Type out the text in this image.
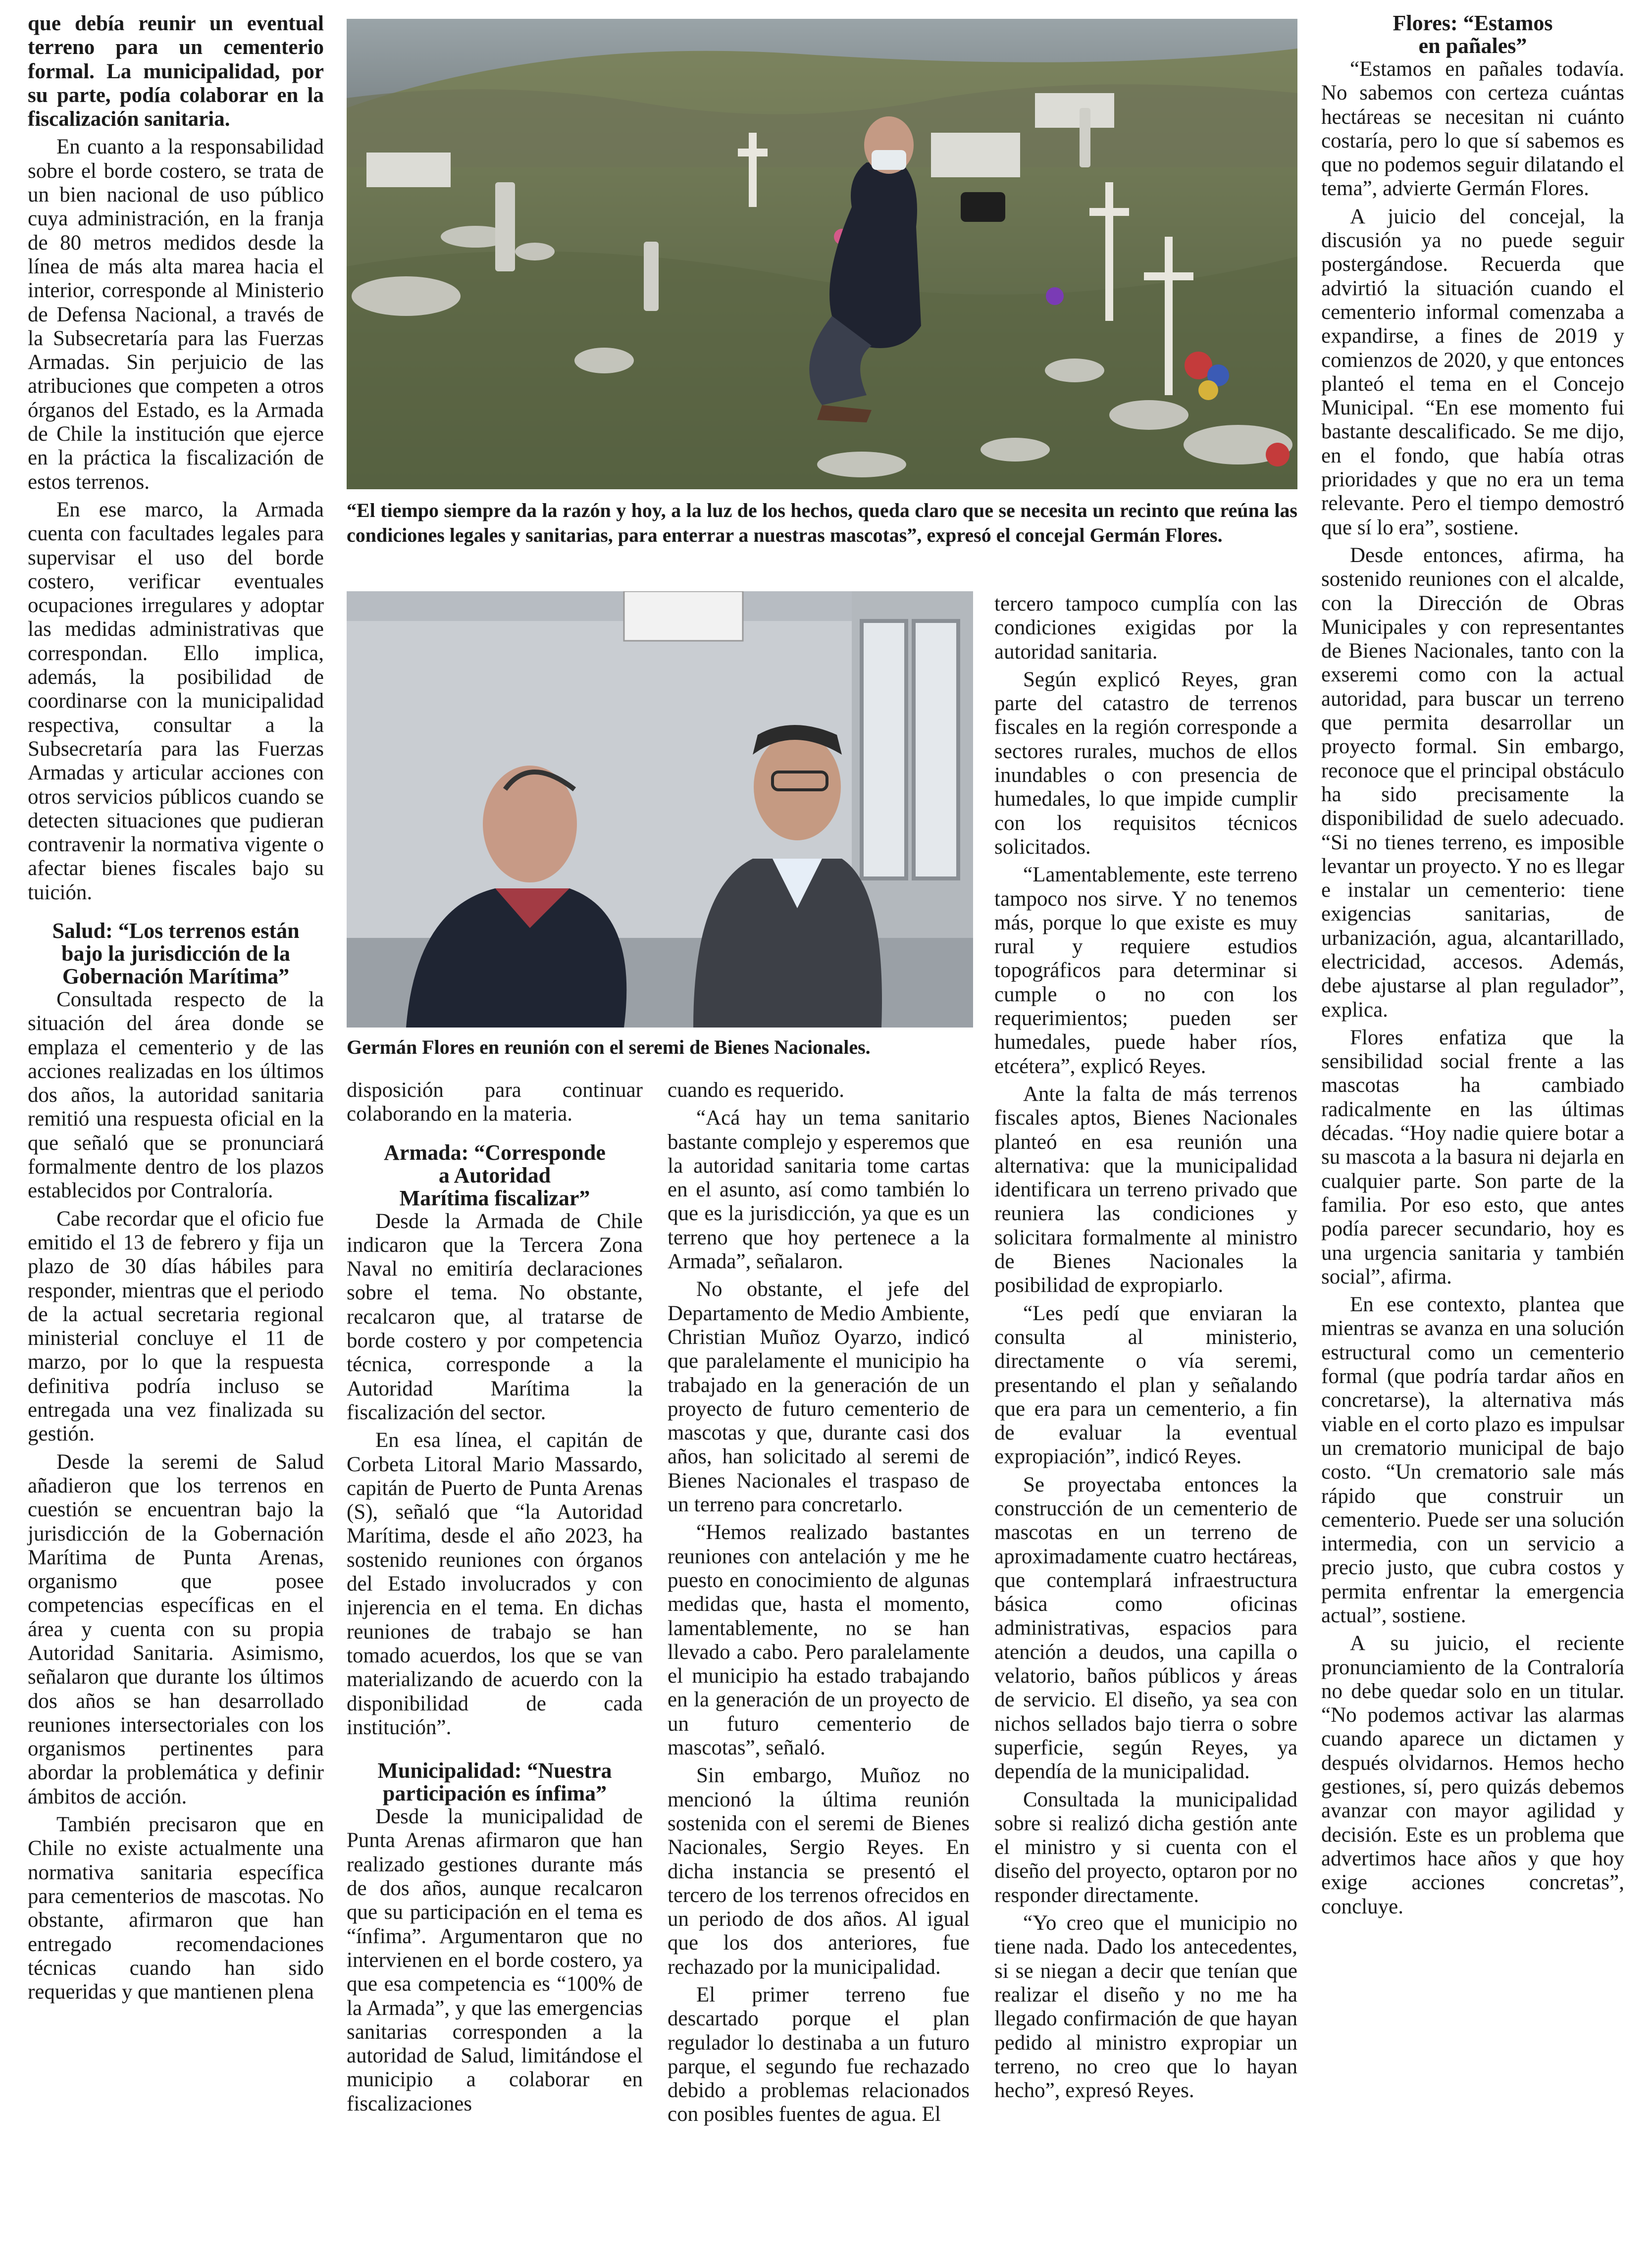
que debía reunir un eventual terreno para un cementerio formal. La municipalidad, por su parte, podía colaborar en la fiscalización sanitaria.

En cuanto a la responsabilidad sobre el borde costero, se trata de un bien nacional de uso público cuya administración, en la franja de 80 metros medidos desde la línea de más alta marea hacia el interior, corresponde al Ministerio de Defensa Nacional, a través de la Subsecretaría para las Fuerzas Armadas. Sin perjuicio de las atribuciones que competen a otros órganos del Estado, es la Armada de Chile la institución que ejerce en la práctica la fiscalización de estos terrenos.

En ese marco, la Armada cuenta con facultades legales para supervisar el uso del borde costero, verificar eventuales ocupaciones irregulares y adoptar las medidas administrativas que correspondan. Ello implica, además, la posibilidad de coordinarse con la municipalidad respectiva, consultar a la Subsecretaría para las Fuerzas Armadas y articular acciones con otros servicios públicos cuando se detecten situaciones que pudieran contravenir la normativa vigente o afectar bienes fiscales bajo su tuición.

Salud: “Los terrenos están
bajo la jurisdicción de la
Gobernación Marítima”

Consultada respecto de la situación del área donde se emplaza el cementerio y de las acciones realizadas en los últimos dos años, la autoridad sanitaria remitió una respuesta oficial en la que señaló que se pronunciará formalmente dentro de los plazos establecidos por Contraloría.

Cabe recordar que el oficio fue emitido el 13 de febrero y fija un plazo de 30 días hábiles para responder, mientras que el periodo de la actual secretaria regional ministerial concluye el 11 de marzo, por lo que la respuesta definitiva podría incluso se entregada una vez finalizada su gestión.

Desde la seremi de Salud añadieron que los terrenos en cuestión se encuentran bajo la jurisdicción de la Gobernación Marítima de Punta Arenas, organismo que posee competencias específicas en el área y cuenta con su propia Autoridad Sanitaria. Asimismo, señalaron que durante los últimos dos años se han desarrollado reuniones intersectoriales con los organismos pertinentes para abordar la problemática y definir ámbitos de acción.

También precisaron que en Chile no existe actualmente una normativa sanitaria específica para cementerios de mascotas. No obstante, afirmaron que han entregado recomendaciones técnicas cuando han sido requeridas y que mantienen plena

“El tiempo siempre da la razón y hoy, a la luz de los hechos, queda claro que se necesita un recinto que reúna las condiciones legales y sanitarias, para enterrar a nuestras mascotas”, expresó el concejal Germán Flores.
Germán Flores en reunión con el seremi de Bienes Nacionales.

disposición para continuar colaborando en la materia.

Armada: “Corresponde
a Autoridad
Marítima fiscalizar”

Desde la Armada de Chile indicaron que la Tercera Zona Naval no emitiría declaraciones sobre el tema. No obstante, recalcaron que, al tratarse de borde costero y por competencia técnica, corresponde a la Autoridad Marítima la fiscalización del sector.

En esa línea, el capitán de Corbeta Litoral Mario Massardo, capitán de Puerto de Punta Arenas (S), señaló que “la Autoridad Marítima, desde el año 2023, ha sostenido reuniones con órganos del Estado involucrados y con injerencia en el tema. En dichas reuniones de trabajo se han tomado acuerdos, los que se van materializando de acuerdo con la disponibilidad de cada institución”.

Municipalidad: “Nuestra
participación es ínfima”

Desde la municipalidad de Punta Arenas afirmaron que han realizado gestiones durante más de dos años, aunque recalcaron que su participación en el tema es “ínfima”. Argumentaron que no intervienen en el borde costero, ya que esa competencia es “100% de la Armada”, y que las emergencias sanitarias corresponden a la autoridad de Salud, limitándose el municipio a colaborar en fiscalizaciones

cuando es requerido.

“Acá hay un tema sanitario bastante complejo y esperemos que la autoridad sanitaria tome cartas en el asunto, así como también lo que es la jurisdicción, ya que es un terreno que hoy pertenece a la Armada”, señalaron.

No obstante, el jefe del Departamento de Medio Ambiente, Christian Muñoz Oyarzo, indicó que paralelamente el municipio ha trabajado en la generación de un proyecto de futuro cementerio de mascotas y que, durante casi dos años, han solicitado al seremi de Bienes Nacionales el traspaso de un terreno para concretarlo.

“Hemos realizado bastantes reuniones con antelación y me he puesto en conocimiento de algunas medidas que, hasta el momento, lamentablemente, no se han llevado a cabo. Pero paralelamente el municipio ha estado trabajando en la generación de un proyecto de un futuro cementerio de mascotas”, señaló.

Sin embargo, Muñoz no mencionó la última reunión sostenida con el seremi de Bienes Nacionales, Sergio Reyes. En dicha instancia se presentó el tercero de los terrenos ofrecidos en un periodo de dos años. Al igual que los dos anteriores, fue rechazado por la municipalidad.

El primer terreno fue descartado porque el plan regulador lo destinaba a un futuro parque, el segundo fue rechazado debido a problemas relacionados con posibles fuentes de agua. El

tercero tampoco cumplía con las condiciones exigidas por la autoridad sanitaria.

Según explicó Reyes, gran parte del catastro de terrenos fiscales en la región corresponde a sectores rurales, muchos de ellos inundables o con presencia de humedales, lo que impide cumplir con los requisitos técnicos solicitados.

“Lamentablemente, este terreno tampoco nos sirve. Y no tenemos más, porque lo que existe es muy rural y requiere estudios topográficos para determinar si cumple o no con los requerimientos; pueden ser humedales, puede haber ríos, etcétera”, explicó Reyes.

Ante la falta de más terrenos fiscales aptos, Bienes Nacionales planteó en esa reunión una alternativa: que la municipalidad identificara un terreno privado que reuniera las condiciones y solicitara formalmente al ministro de Bienes Nacionales la posibilidad de expropiarlo.

“Les pedí que enviaran la consulta al ministerio, directamente o vía seremi, presentando el plan y señalando que era para un cementerio, a fin de evaluar la eventual expropiación”, indicó Reyes.

Se proyectaba entonces la construcción de un cementerio de mascotas en un terreno de aproximadamente cuatro hectáreas, que contemplará infraestructura básica como oficinas administrativas, espacios para atención a deudos, una capilla o velatorio, baños públicos y áreas de servicio. El diseño, ya sea con nichos sellados bajo tierra o sobre superficie, según Reyes, ya dependía de la municipalidad.

Consultada la municipalidad sobre si realizó dicha gestión ante el ministro y si cuenta con el diseño del proyecto, optaron por no responder directamente.

“Yo creo que el municipio no tiene nada. Dado los antecedentes, si se niegan a decir que tenían que realizar el diseño y no me ha llegado confirmación de que hayan pedido al ministro expropiar un terreno, no creo que lo hayan hecho”, expresó Reyes.

Flores: “Estamos
en pañales”

“Estamos en pañales todavía. No sabemos con certeza cuántas hectáreas se necesitan ni cuánto costaría, pero lo que sí sabemos es que no podemos seguir dilatando el tema”, advierte Germán Flores.

A juicio del concejal, la discusión ya no puede seguir postergándose. Recuerda que advirtió la situación cuando el cementerio informal comenzaba a expandirse, a fines de 2019 y comienzos de 2020, y que entonces planteó el tema en el Concejo Municipal. “En ese momento fui bastante descalificado. Se me dijo, en el fondo, que había otras prioridades y que no era un tema relevante. Pero el tiempo demostró que sí lo era”, sostiene.

Desde entonces, afirma, ha sostenido reuniones con el alcalde, con la Dirección de Obras Municipales y con representantes de Bienes Nacionales, tanto con la exseremi como con la actual autoridad, para buscar un terreno que permita desarrollar un proyecto formal. Sin embargo, reconoce que el principal obstáculo ha sido precisamente la disponibilidad de suelo adecuado. “Si no tienes terreno, es imposible levantar un proyecto. Y no es llegar e instalar un cementerio: tiene exigencias sanitarias, de urbanización, agua, alcantarillado, electricidad, accesos. Además, debe ajustarse al plan regulador”, explica.

Flores enfatiza que la sensibilidad social frente a las mascotas ha cambiado radicalmente en las últimas décadas. “Hoy nadie quiere botar a su mascota a la basura ni dejarla en cualquier parte. Son parte de la familia. Por eso esto, que antes podía parecer secundario, hoy es una urgencia sanitaria y también social”, afirma.

En ese contexto, plantea que mientras se avanza en una solución estructural como un cementerio formal (que podría tardar años en concretarse), la alternativa más viable en el corto plazo es impulsar un crematorio municipal de bajo costo. “Un crematorio sale más rápido que construir un cementerio. Puede ser una solución intermedia, con un servicio a precio justo, que cubra costos y permita enfrentar la emergencia actual”, sostiene.

A su juicio, el reciente pronunciamiento de la Contraloría no debe quedar solo en un titular. “No podemos activar las alarmas cuando aparece un dictamen y después olvidarnos. Hemos hecho gestiones, sí, pero quizás debemos avanzar con mayor agilidad y decisión. Este es un problema que advertimos hace años y que hoy exige acciones concretas”, concluye.
